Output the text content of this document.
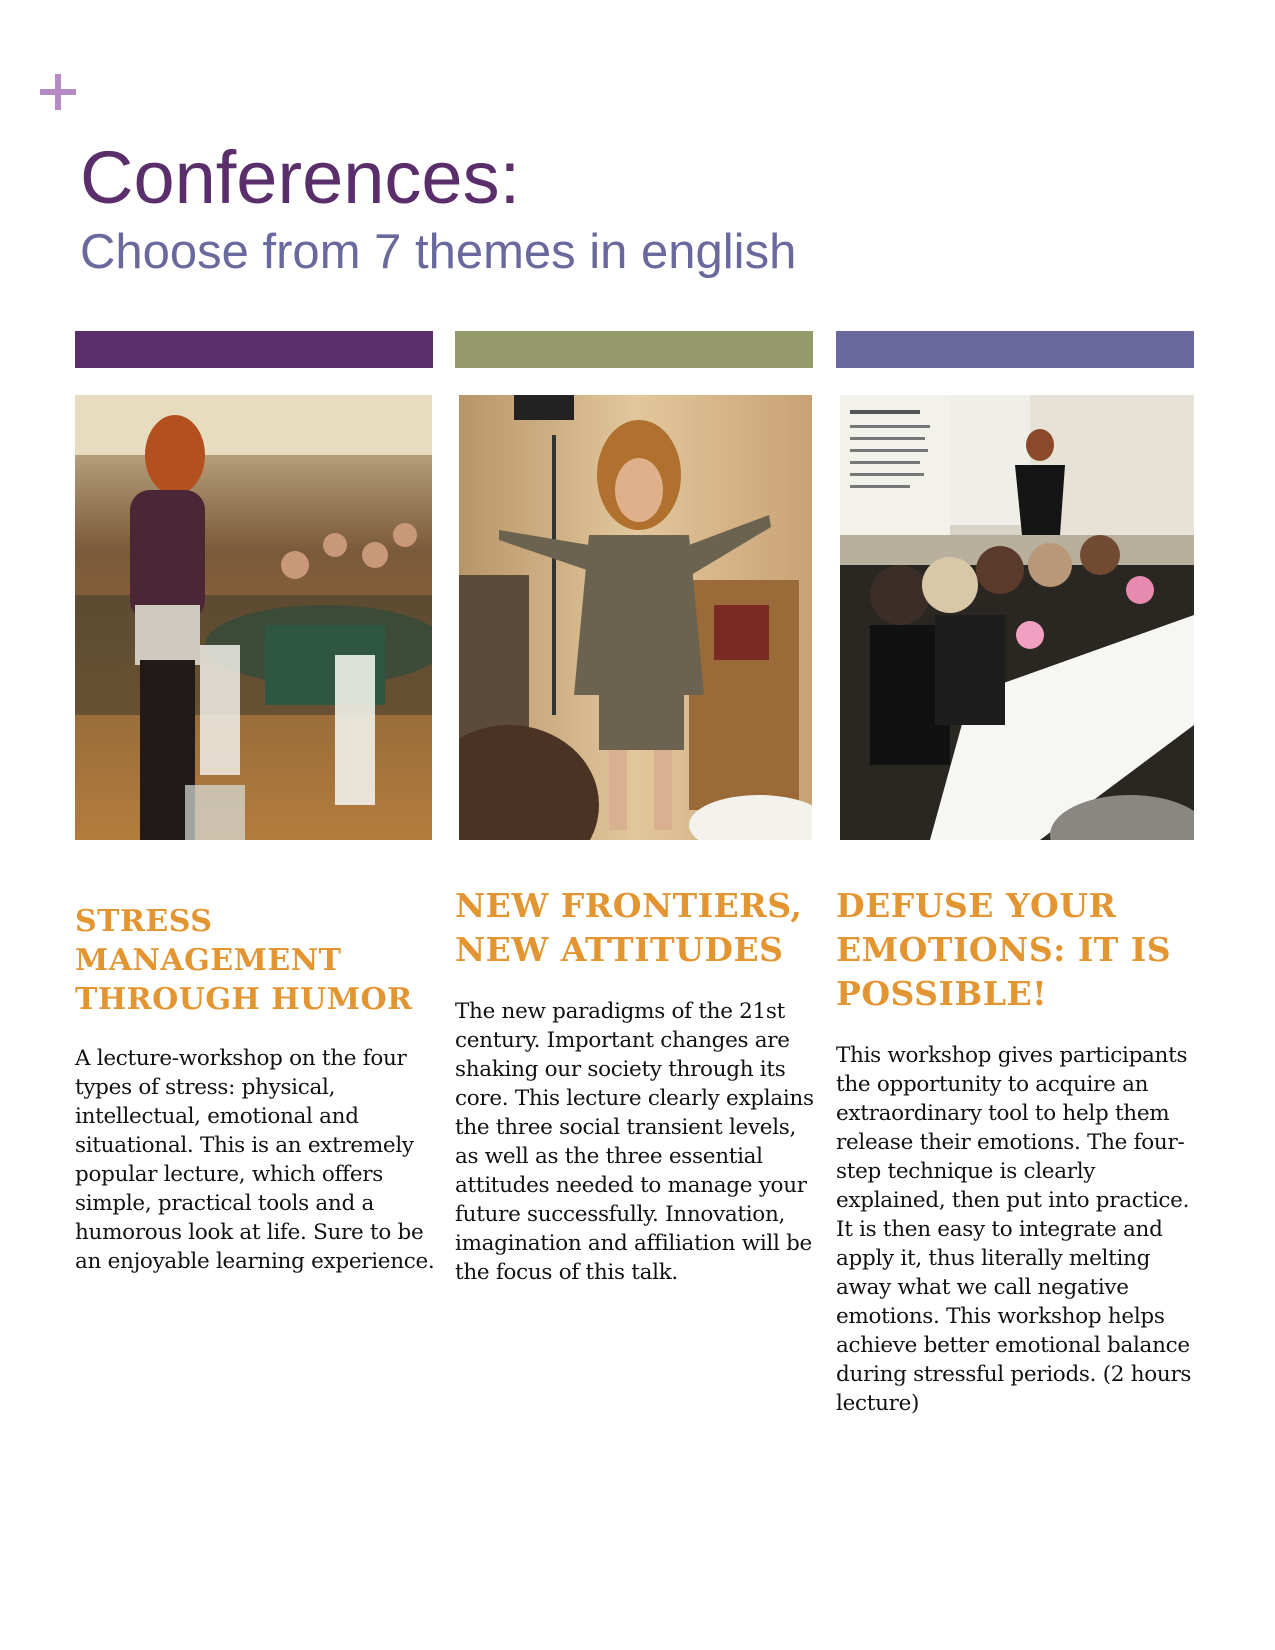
Conferences:
Choose from 7 themes in english
STRESS MANAGEMENT THROUGH HUMOR

A lecture-workshop on the four types of stress: physical, intellectual, emotional and situational. This is an extremely popular lecture, which offers simple, practical tools and a humorous look at life. Sure to be an enjoyable learning experience.

NEW FRONTIERS, NEW ATTITUDES

The new paradigms of the 21st century. Important changes are shaking our society through its core. This lecture clearly explains the three social transient levels, as well as the three essential attitudes needed to manage your future successfully. Innovation, imagination and affiliation will be the focus of this talk.

DEFUSE YOUR EMOTIONS: IT IS POSSIBLE!

This workshop gives participants the opportunity to acquire an extraordinary tool to help them release their emotions. The four-step technique is clearly explained, then put into practice. It is then easy to integrate and apply it, thus literally melting away what we call negative emotions. This workshop helps achieve better emotional balance during stressful periods. (2 hours lecture)
